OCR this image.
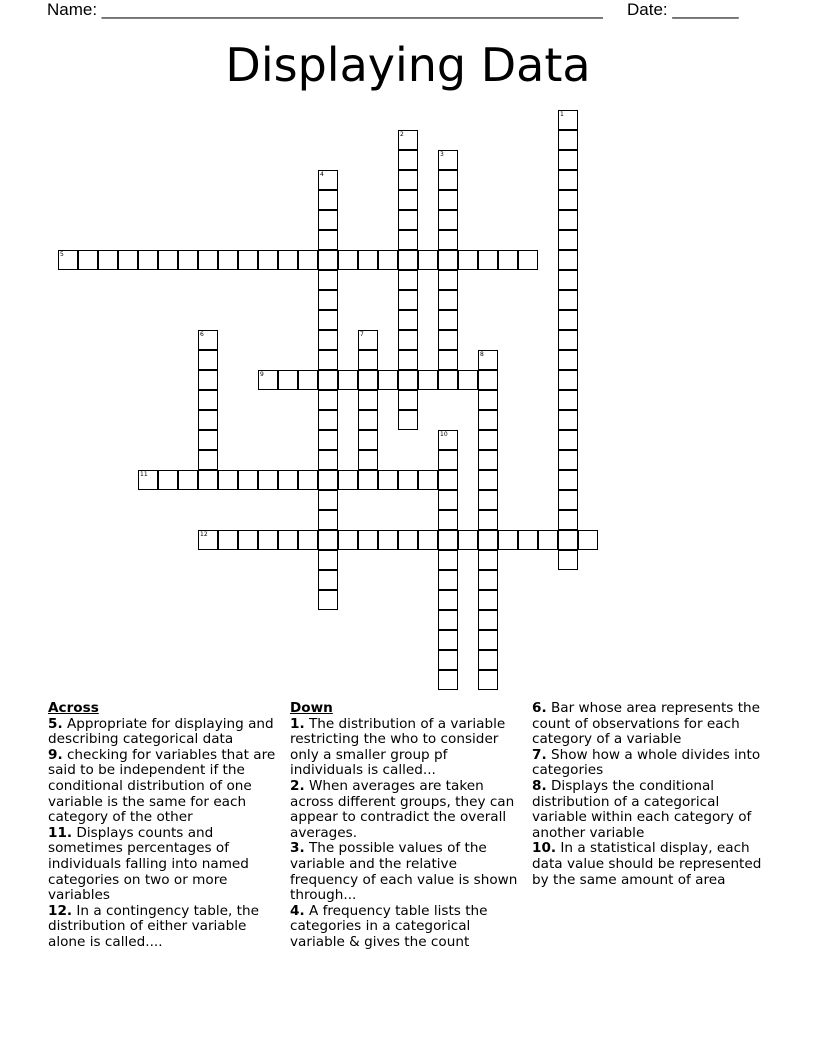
Name: _____________________________________________________ Date: _______
Displaying Data
1
2
3
4
5
6	7
8
9
10
11
12
Across
5. Appropriate for displaying and describing categorical data
9. checking for variables that are said to be independent if the conditional distribution of one variable is the same for each category of the other
11. Displays counts and sometimes percentages of individuals falling into named categories on two or more variables
12. In a contingency table, the distribution of either variable alone is called....
Down
1. The distribution of a variable restricting the who to consider only a smaller group pf individuals is called...
2. When averages are taken across different groups, they can appear to contradict the overall averages.
3. The possible values of the variable and the relative frequency of each value is shown through...
4. A frequency table lists the categories in a categorical variable & gives the count
6. Bar whose area represents the count of observations for each category of a variable
7. Show how a whole divides into categories
8. Displays the conditional distribution of a categorical variable within each category of another variable
10. In a statistical display, each data value should be represented by the same amount of area
